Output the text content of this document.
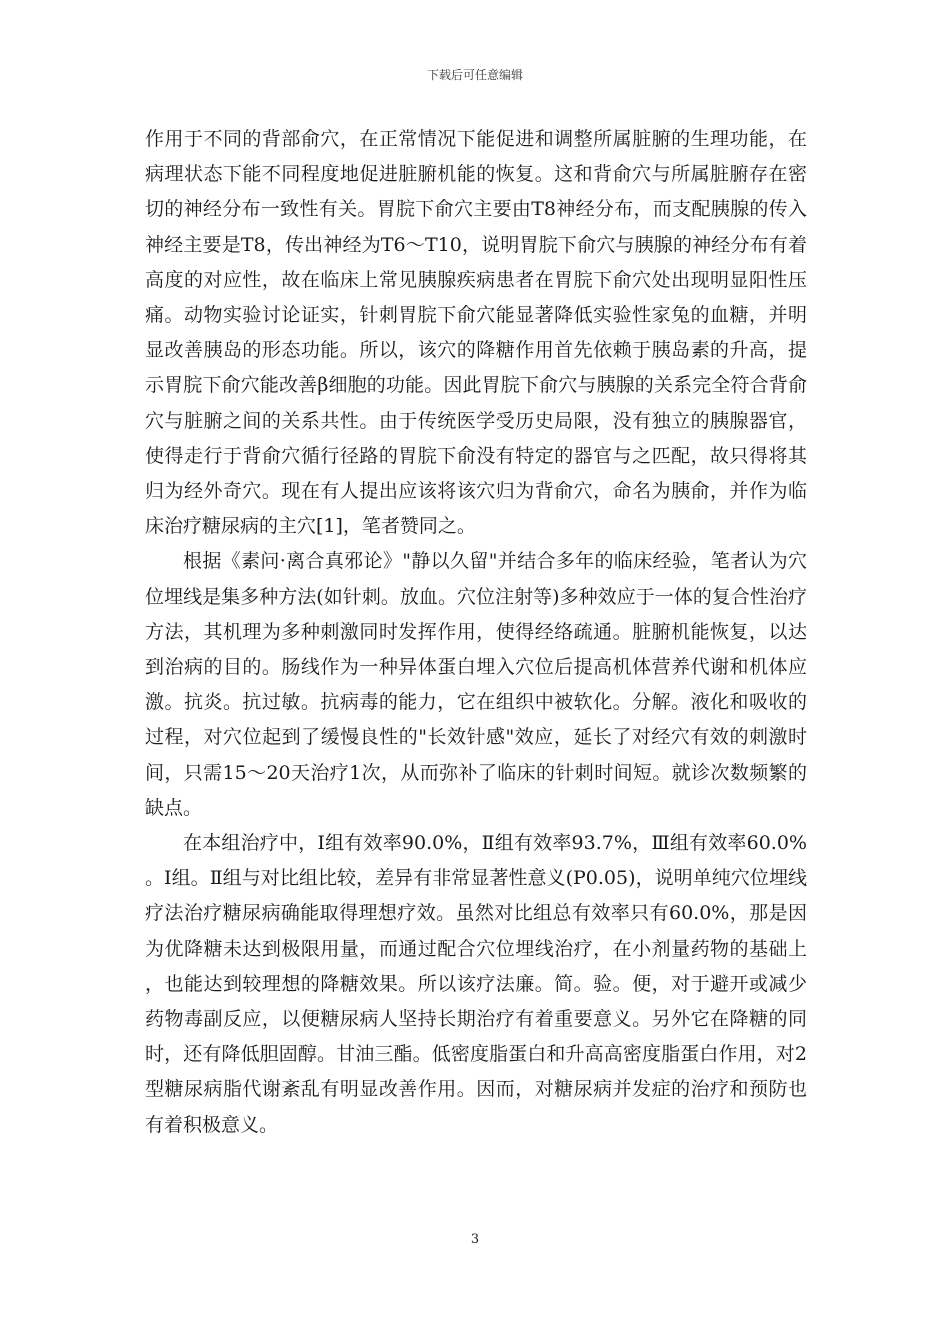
下载后可任意编辑

作用于不同的背部俞穴，在正常情况下能促进和调整所属脏腑的生理功能，在病理状态下能不同程度地促进脏腑机能的恢复。这和背俞穴与所属脏腑存在密切的神经分布一致性有关。胃脘下俞穴主要由T8神经分布，而支配胰腺的传入神经主要是T8，传出神经为T6～T10，说明胃脘下俞穴与胰腺的神经分布有着高度的对应性，故在临床上常见胰腺疾病患者在胃脘下俞穴处出现明显阳性压痛。动物实验讨论证实，针刺胃脘下俞穴能显著降低实验性家兔的血糖，并明显改善胰岛的形态功能。所以，该穴的降糖作用首先依赖于胰岛素的升高，提示胃脘下俞穴能改善β细胞的功能。因此胃脘下俞穴与胰腺的关系完全符合背俞穴与脏腑之间的关系共性。由于传统医学受历史局限，没有独立的胰腺器官，使得走行于背俞穴循行径路的胃脘下俞没有特定的器官与之匹配，故只得将其归为经外奇穴。现在有人提出应该将该穴归为背俞穴，命名为胰俞，并作为临床治疗糖尿病的主穴[1]，笔者赞同之。

根据《素问·离合真邪论》"静以久留"并结合多年的临床经验，笔者认为穴位埋线是集多种方法(如针刺。放血。穴位注射等)多种效应于一体的复合性治疗方法，其机理为多种刺激同时发挥作用，使得经络疏通。脏腑机能恢复，以达到治病的目的。肠线作为一种异体蛋白埋入穴位后提高机体营养代谢和机体应激。抗炎。抗过敏。抗病毒的能力，它在组织中被软化。分解。液化和吸收的过程，对穴位起到了缓慢良性的"长效针感"效应，延长了对经穴有效的刺激时间，只需15～20天治疗1次，从而弥补了临床的针刺时间短。就诊次数频繁的缺点。

在本组治疗中，Ⅰ组有效率90.0%，Ⅱ组有效率93.7%，Ⅲ组有效率60.0%。Ⅰ组。Ⅱ组与对比组比较，差异有非常显著性意义(P0.05)，说明单纯穴位埋线疗法治疗糖尿病确能取得理想疗效。虽然对比组总有效率只有60.0%，那是因为优降糖未达到极限用量，而通过配合穴位埋线治疗，在小剂量药物的基础上，也能达到较理想的降糖效果。所以该疗法廉。简。验。便，对于避开或减少药物毒副反应，以便糖尿病人坚持长期治疗有着重要意义。另外它在降糖的同时，还有降低胆固醇。甘油三酯。低密度脂蛋白和升高高密度脂蛋白作用，对2型糖尿病脂代谢紊乱有明显改善作用。因而，对糖尿病并发症的治疗和预防也有着积极意义。

3
